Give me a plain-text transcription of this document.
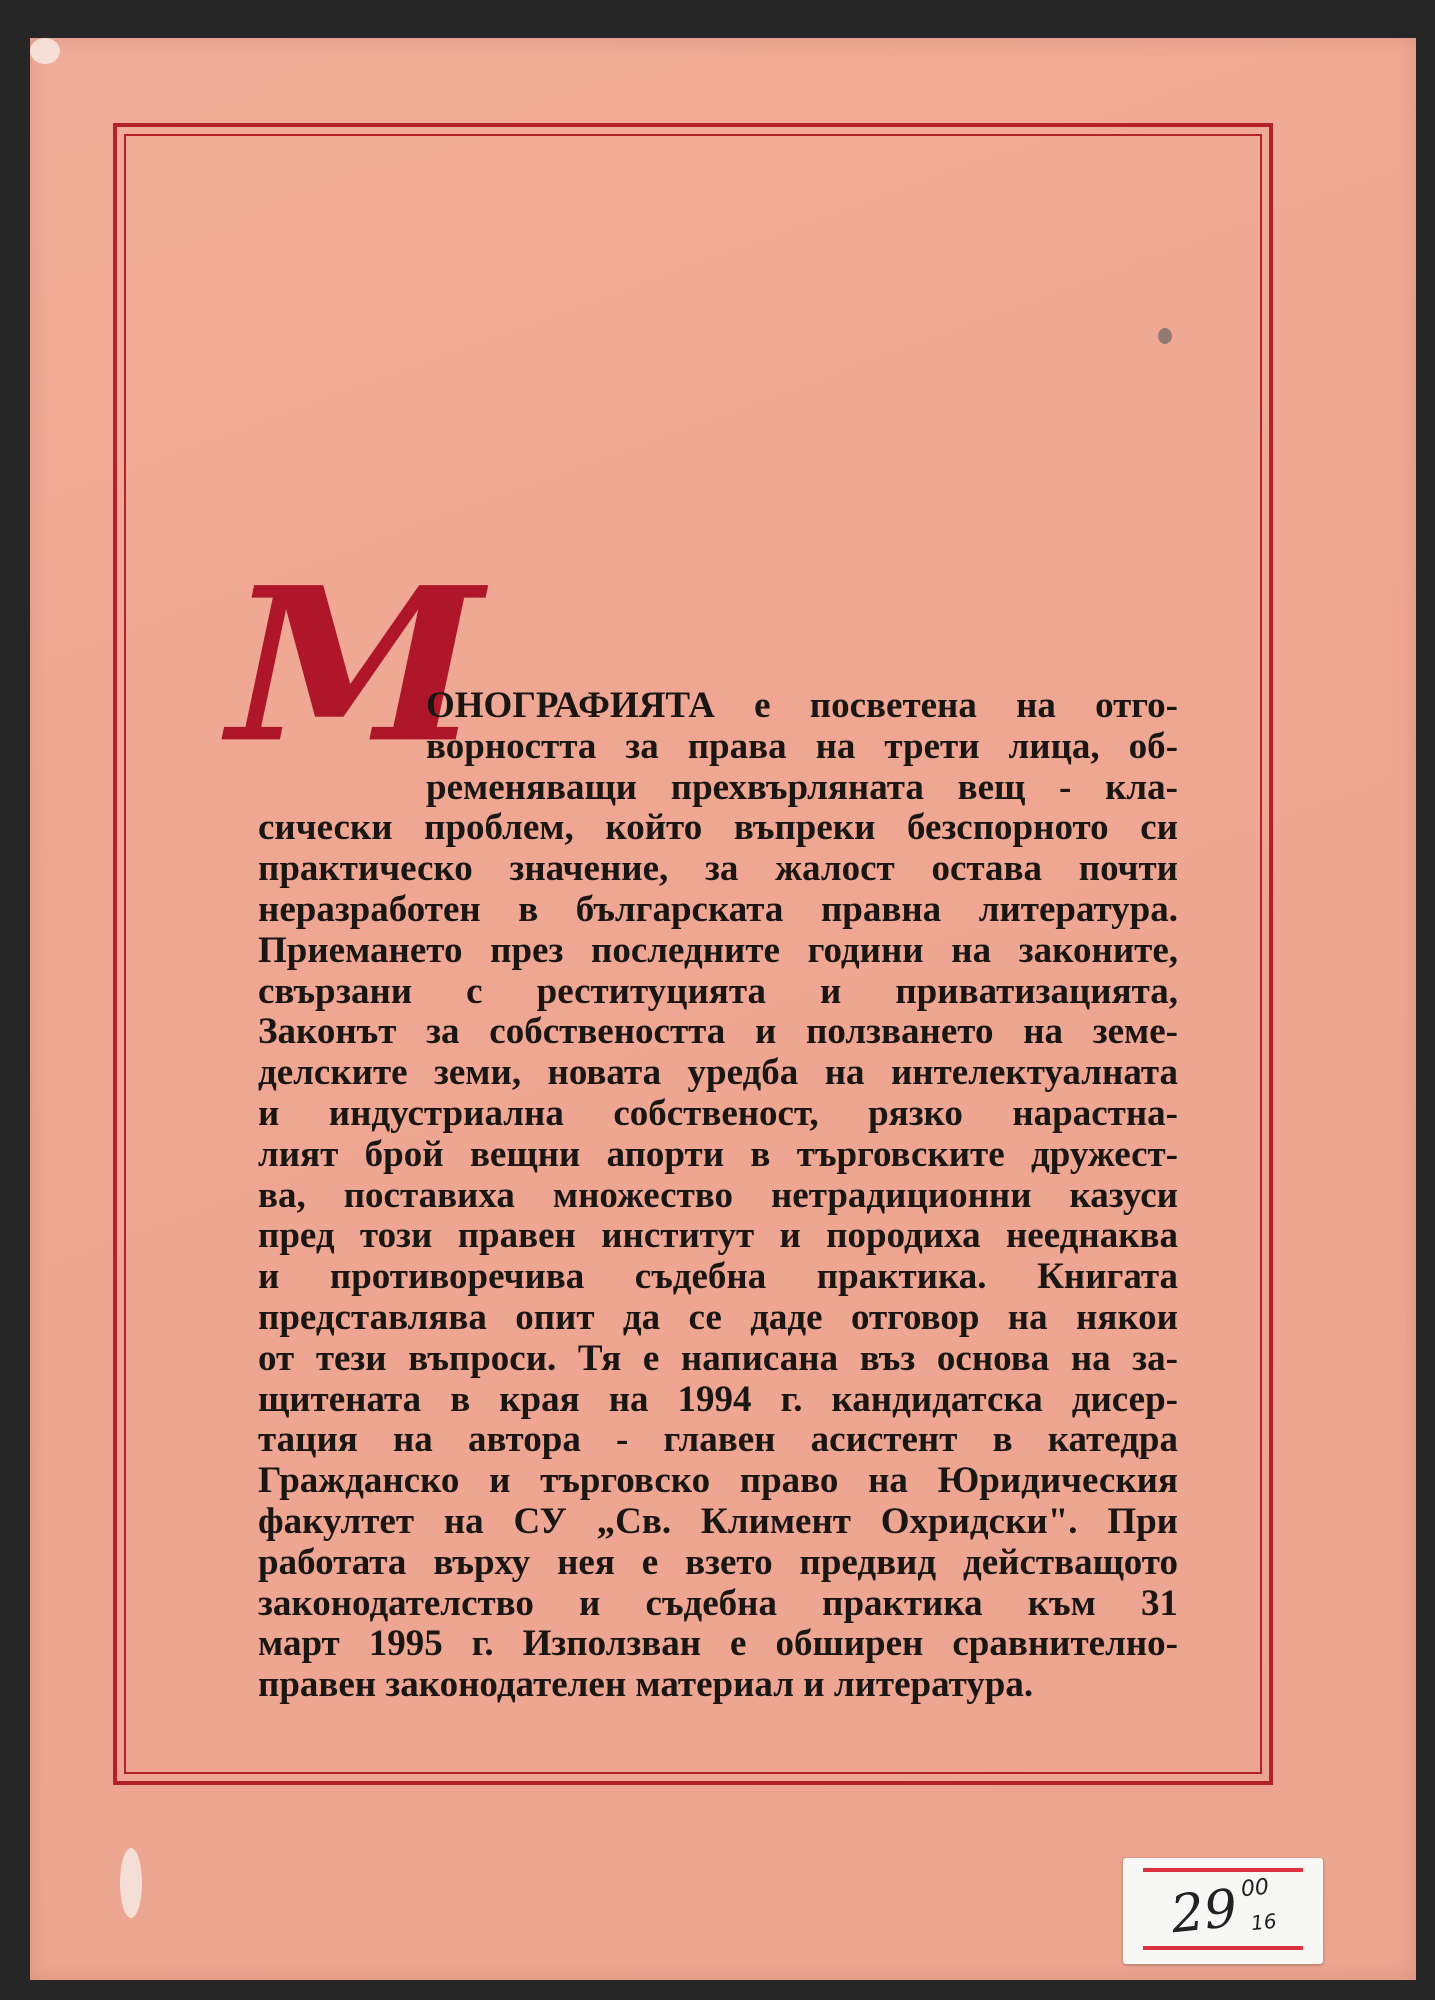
М
ОНОГРАФИЯТА е посветена на отго-
ворността за права на трети лица, об-
ременяващи прехвърляната вещ - кла-
сически проблем, който въпреки безспорното си
практическо значение, за жалост остава почти
неразработен в българската правна литература.
Приемането през последните години на законите,
свързани с реституцията и приватизацията,
Законът за собствеността и ползването на земе-
делските земи, новата уредба на интелектуалната
и индустриална собственост, рязко нарастна-
лият брой вещни апорти в търговските дружест-
ва, поставиха множество нетрадиционни казуси
пред този правен институт и породиха нееднаква
и противоречива съдебна практика. Книгата
представлява опит да се даде отговор на някои
от тези въпроси. Тя е написана въз основа на за-
щитената в края на 1994 г. кандидатска дисер-
тация на автора - главен асистент в катедра
Гражданско и търговско право на Юридическия
факултет на СУ „Св. Климент Охридски". При
работата върху нея е взето предвид действащото
законодателство и съдебна практика към 31
март 1995 г. Използван е обширен сравнително-
правен законодателен материал и литература.
29 00
16
